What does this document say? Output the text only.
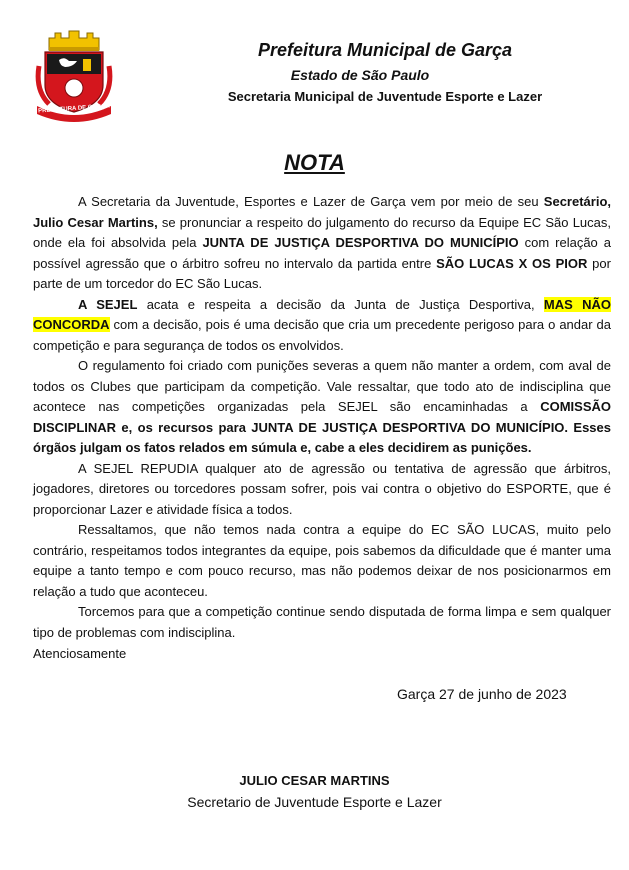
PREFEITURA DE GARÇA
Prefeitura Municipal de Garça
Estado de São Paulo
Secretaria Municipal de Juventude Esporte e Lazer
NOTA

A Secretaria da Juventude, Esportes e Lazer de Garça vem por meio de seu Secretário, Julio Cesar Martins, se pronunciar a respeito do julgamento do recurso da Equipe EC São Lucas, onde ela foi absolvida pela JUNTA DE JUSTIÇA DESPORTIVA DO MUNICÍPIO com relação a possível agressão que o árbitro sofreu no intervalo da partida entre SÃO LUCAS X OS PIOR por parte de um torcedor do EC São Lucas.

A SEJEL acata e respeita a decisão da Junta de Justiça Desportiva, MAS NÃO CONCORDA com a decisão, pois é uma decisão que cria um precedente perigoso para o andar da competição e para segurança de todos os envolvidos.

O regulamento foi criado com punições severas a quem não manter a ordem, com aval de todos os Clubes que participam da competição. Vale ressaltar, que todo ato de indisciplina que acontece nas competições organizadas pela SEJEL são encaminhadas a COMISSÃO DISCIPLINAR e, os recursos para JUNTA DE JUSTIÇA DESPORTIVA DO MUNICÍPIO. Esses órgãos julgam os fatos relados em súmula e, cabe a eles decidirem as punições.

A SEJEL REPUDIA qualquer ato de agressão ou tentativa de agressão que árbitros, jogadores, diretores ou torcedores possam sofrer, pois vai contra o objetivo do ESPORTE, que é proporcionar Lazer e atividade física a todos.

Ressaltamos, que não temos nada contra a equipe do EC SÃO LUCAS, muito pelo contrário, respeitamos todos integrantes da equipe, pois sabemos da dificuldade que é manter uma equipe a tanto tempo e com pouco recurso, mas não podemos deixar de nos posicionarmos em relação a tudo que aconteceu.

Torcemos para que a competição continue sendo disputada de forma limpa e sem qualquer tipo de problemas com indisciplina.

Atenciosamente
Garça 27 de junho de 2023
JULIO CESAR MARTINS
Secretario de Juventude Esporte e Lazer
